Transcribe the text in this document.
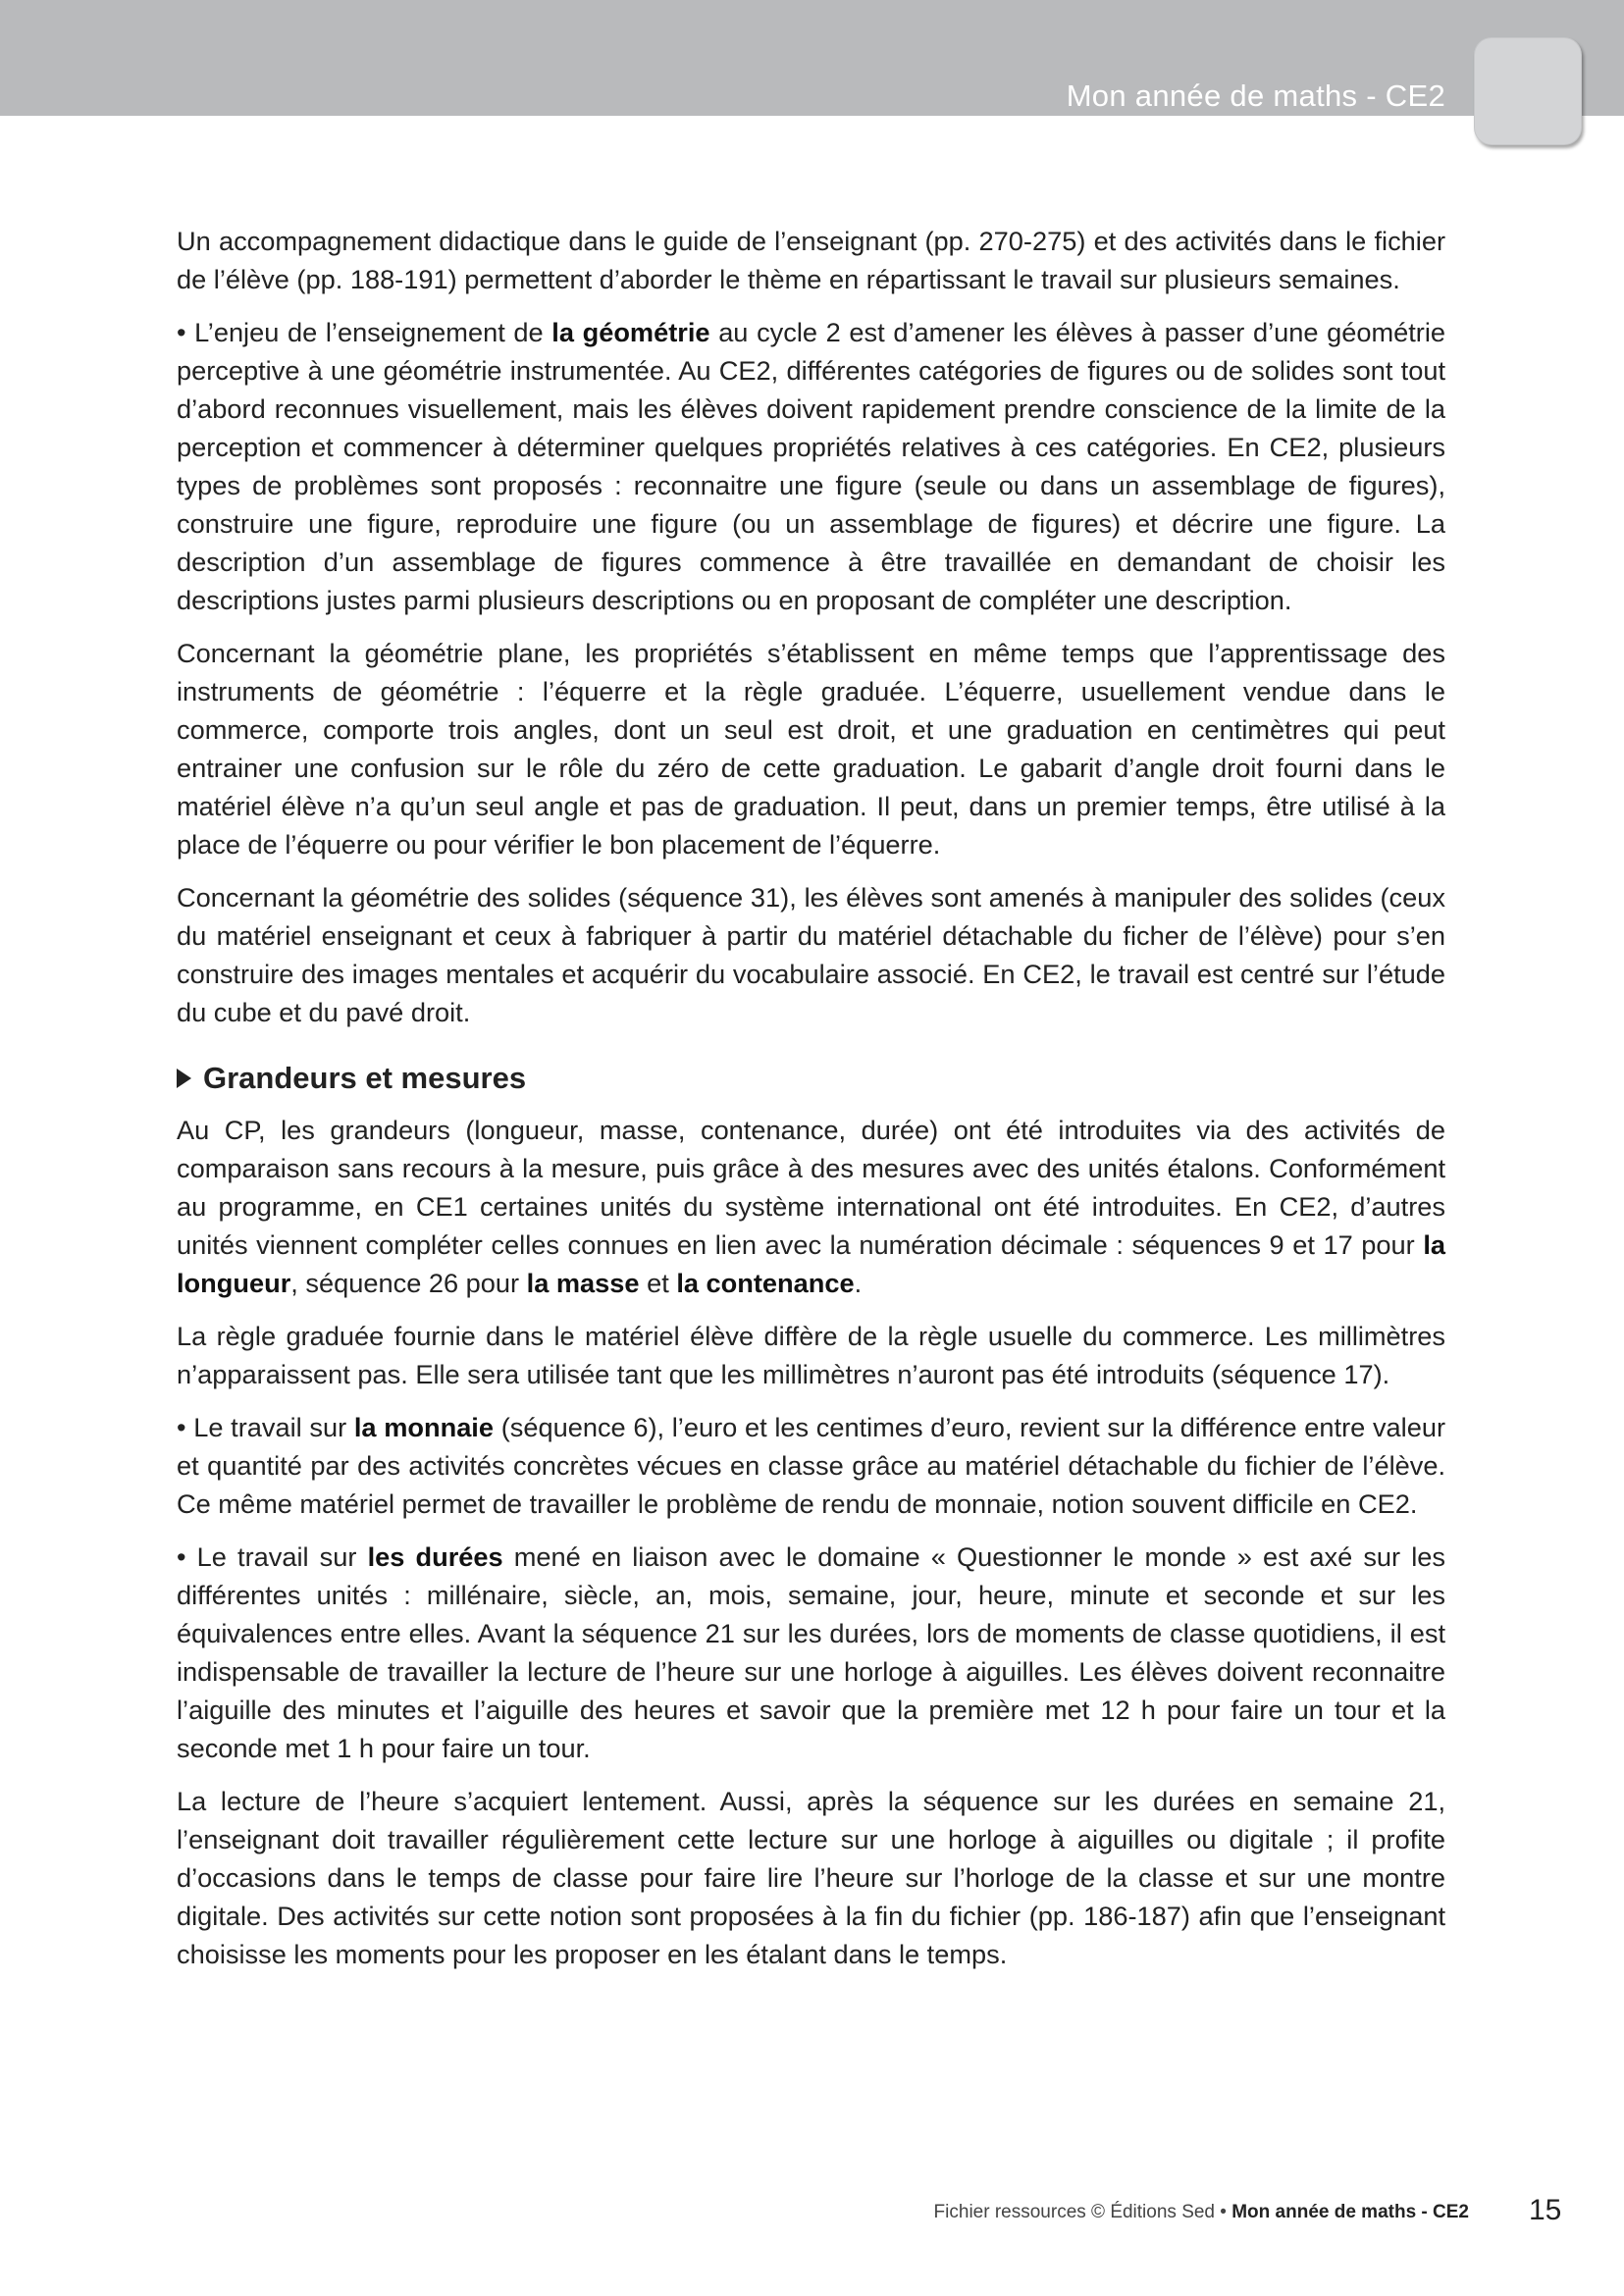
Mon année de maths - CE2

Un accompagnement didactique dans le guide de l’enseignant (pp. 270-275) et des activités dans le fichier de l’élève (pp. 188-191) permettent d’aborder le thème en répartissant le travail sur plusieurs semaines.

• L’enjeu de l’enseignement de la géométrie au cycle 2 est d’amener les élèves à passer d’une géométrie perceptive à une géométrie instrumentée. Au CE2, différentes catégories de figures ou de solides sont tout d’abord reconnues visuellement, mais les élèves doivent rapidement prendre conscience de la limite de la perception et commencer à déterminer quelques propriétés relatives à ces catégories. En CE2, plusieurs types de problèmes sont proposés : reconnaitre une figure (seule ou dans un assemblage de figures), construire une figure, reproduire une figure (ou un assemblage de figures) et décrire une figure. La description d’un assemblage de figures commence à être travaillée en demandant de choisir les descriptions justes parmi plusieurs descriptions ou en proposant de compléter une description.

Concernant la géométrie plane, les propriétés s’établissent en même temps que l’apprentissage des instruments de géométrie : l’équerre et la règle graduée. L’équerre, usuellement vendue dans le commerce, comporte trois angles, dont un seul est droit, et une graduation en centimètres qui peut entrainer une confusion sur le rôle du zéro de cette graduation. Le gabarit d’angle droit fourni dans le matériel élève n’a qu’un seul angle et pas de graduation. Il peut, dans un premier temps, être utilisé à la place de l’équerre ou pour vérifier le bon placement de l’équerre.

Concernant la géométrie des solides (séquence 31), les élèves sont amenés à manipuler des solides (ceux du matériel enseignant et ceux à fabriquer à partir du matériel détachable du ficher de l’élève) pour s’en construire des images mentales et acquérir du vocabulaire associé. En CE2, le travail est centré sur l’étude du cube et du pavé droit.

Grandeurs et mesures

Au CP, les grandeurs (longueur, masse, contenance, durée) ont été introduites via des activités de comparaison sans recours à la mesure, puis grâce à des mesures avec des unités étalons. Conformément au programme, en CE1 certaines unités du système international ont été introduites. En CE2, d’autres unités viennent compléter celles connues en lien avec la numération décimale : séquences 9 et 17 pour la longueur, séquence 26 pour la masse et la contenance.

La règle graduée fournie dans le matériel élève diffère de la règle usuelle du commerce. Les millimètres n’apparaissent pas. Elle sera utilisée tant que les millimètres n’auront pas été introduits (séquence 17).

• Le travail sur la monnaie (séquence 6), l’euro et les centimes d’euro, revient sur la différence entre valeur et quantité par des activités concrètes vécues en classe grâce au matériel détachable du fichier de l’élève. Ce même matériel permet de travailler le problème de rendu de monnaie, notion souvent difficile en CE2.

• Le travail sur les durées mené en liaison avec le domaine « Questionner le monde » est axé sur les différentes unités : millénaire, siècle, an, mois, semaine, jour, heure, minute et seconde et sur les équivalences entre elles. Avant la séquence 21 sur les durées, lors de moments de classe quotidiens, il est indispensable de travailler la lecture de l’heure sur une horloge à aiguilles. Les élèves doivent reconnaitre l’aiguille des minutes et l’aiguille des heures et savoir que la première met 12 h pour faire un tour et la seconde met 1 h pour faire un tour.

La lecture de l’heure s’acquiert lentement. Aussi, après la séquence sur les durées en semaine 21, l’enseignant doit travailler régulièrement cette lecture sur une horloge à aiguilles ou digitale ; il profite d’occasions dans le temps de classe pour faire lire l’heure sur l’horloge de la classe et sur une montre digitale. Des activités sur cette notion sont proposées à la fin du fichier (pp. 186-187) afin que l’enseignant choisisse les moments pour les proposer en les étalant dans le temps.

Fichier ressources © Éditions Sed • Mon année de maths - CE2 15
